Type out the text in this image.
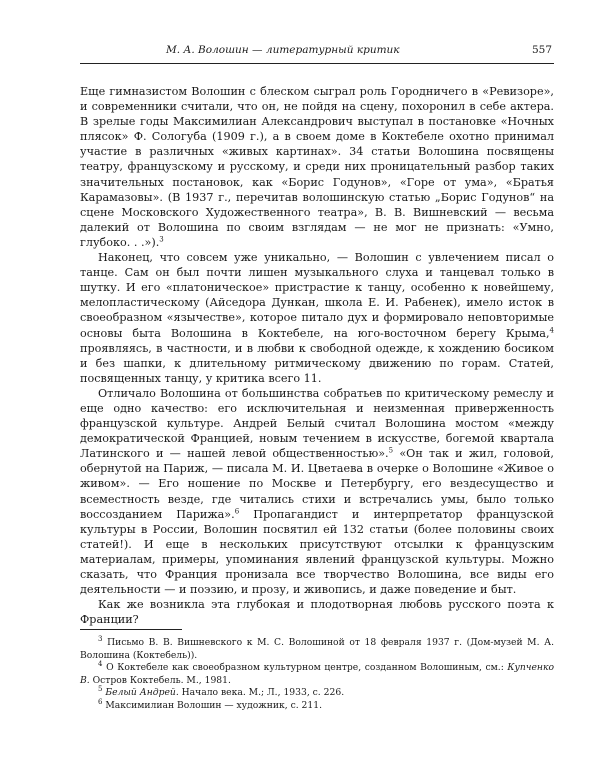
М. А. Волошин — литературный критик	557

Еще гимназистом Волошин с блеском сыграл роль Городничего в «Ревизоре», и современники считали, что он, не пойдя на сцену, похоронил в себе актера. В зрелые годы Максимилиан Александрович выступал в постановке «Ночных плясок» Ф. Сологуба (1909 г.), а в своем доме в Коктебеле охотно принимал участие в различных «живых картинах». 34 статьи Волошина посвящены театру, французскому и русскому, и среди них проницательный разбор таких значительных постановок, как «Борис Годунов», «Горе от ума», «Братья Карамазовы». (В 1937 г., перечитав волошинскую статью „Борис Годунов“ на сцене Московского Художественного театра», В. В. Вишневский — весьма далекий от Волошина по своим взглядам — не мог не признать: «Умно, глубоко. . .»).$^3$

Наконец, что совсем уже уникально, — Волошин с увлечением писал о танце. Сам он был почти лишен музыкального слуха и танцевал только в шутку. И его «платоническое» пристрастие к танцу, особенно к новейшему, мелопластическому (Айседора Дункан, школа Е. И. Рабенек), имело исток в своеобразном «язычестве», которое питало дух и формировало неповторимые основы быта Волошина в Коктебеле, на юго-восточном берегу Крыма,$^4$ проявляясь, в частности, и в любви к свободной одежде, к хождению босиком и без шапки, к длительному ритмическому движению по горам. Статей, посвященных танцу, у критика всего 11.

Отличало Волошина от большинства собратьев по критическому ремеслу и еще одно качество: его исключительная и неизменная приверженность французской культуре. Андрей Белый считал Волошина мостом «между демократической Францией, новым течением в искусстве, богемой квартала Латинского и — нашей левой общественностью».$^5$ «Он так и жил, головой, обернутой на Париж, — писала М. И. Цветаева в очерке о Волошине «Живое о живом». — Его ношение по Москве и Петербургу, его вездесущество и всеместность везде, где читались стихи и встречались умы, было только воссозданием Парижа».$^6$ Пропагандист и интерпретатор французской культуры в России, Волошин посвятил ей 132 статьи (более половины своих статей!). И еще в нескольких присутствуют отсылки к французским материалам, примеры, упоминания явлений французской культуры. Можно сказать, что Франция пронизала все творчество Волошина, все виды его деятельности — и поэзию, и прозу, и живопись, и даже поведение и быт.

Как же возникла эта глубокая и плодотворная любовь русского поэта к Франции?

$^3$ Письмо В. В. Вишневского к М. С. Волошиной от 18 февраля 1937 г. (Дом-музей М. А. Волошина (Коктебель)).

$^4$ О Коктебеле как своеобразном культурном центре, созданном Волошиным, см.: Купченко В. Остров Коктебель. М., 1981.

$^5$ Белый Андрей. Начало века. М.; Л., 1933, с. 226.

$^6$ Максимилиан Волошин — художник, с. 211.
